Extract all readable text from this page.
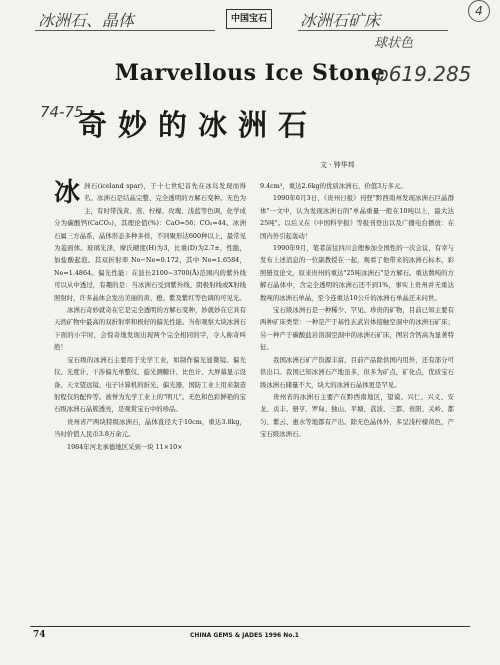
中国宝石
冰洲石、晶体	冰洲石矿床
球状色
4
Marvellous Ice Stone
p619.285
74-75
奇妙的冰洲石
文 · 钟华邦
冰 洲石(iceland spar)，于十七世纪首先在冰岛发现而得名。冰洲石是结晶完整、完全透明的方解石变种。无色为主，有时带浅黄、蒸、柠檬、玫瑰、浅蓝等色调，化学成分为碳酸钙(CaCO₃)，其理论值(%)：CaO=56；CO₂=44。冰洲石属三方晶系，晶体形态多种多样，不同聚形达600种以上，最常见为菱面体。玻璃光泽，摩氏硬度(H)为3，比重(D)为2.7±，性脆，加盐酸起泡。其双折射率 No−Ne=0.172，其中 No=1.6584，Ne=1.4864。偏光性能：在波长2100~3700(Å)范围内的紫外线可以从中透过，有趣的是：当冰洲石受到紫外线、阴极射线或X射线照射时，许多晶体会发出美丽的黄、橙、紫及紫红等色调的可见光。

冰洲石奇妙就奇在它是完全透明的方解石变种，妙就妙在它具有天然矿物中最高的双折射率和极好的偏光性能。当你观察大块冰洲石下面的小字时，会惊奇地发现出现两个完全相同的字，令人称奇叫绝！

宝石级的冰洲石主要用于光学工业，如制作偏光显微镜、偏光仪、光度计、干涉偏光单整仪、旋光测糖计、比色计、大屏幕显示设备、天文望远镜、电子计算机的折光、偏光器，国防工业上用来制造射程仪的配件等。被誉为光学工业上的"明儿"。无色和色彩鲜艳的宝石级冰洲石晶簇透亮，是观赏宝石中的珍品。

贵州省产两块特级冰洲石，晶体直径大于10cm，重达3.8kg，当时价值人民币3.8万余元。

1984年河北承德地区采到一块 11×10×

9.4cm³，重达2.6kg的优质冰洲石，价值3万多元。

1990年6月3日，《贵州日报》刊登"黔西南州发现冰洲石巨晶群体"一文中，认为发现冰洲石的"单晶重量一般在10吨以上，最大达25吨"。以后又在《中国科学报》等报刊登出以及广播电台播放：在国内外引起轰动！

1990年9月，笔者前往四川会理参加全国性的一次会议，有幸与发布上述消息的一位副教授在一起，观看了他带来的冰洲石标本，彩照册及论文，原来贵州的重达"25吨冰洲石"是方解石。重达数吨的方解石晶体中，含完全透明的冰洲石还不到1%，事实上贵州并无重达数吨的冰洲石单晶，至今连重达10公斤的冰洲石单晶还未问世。

宝石级冰洲石是一种稀少、罕见、珍贵的矿物，目前已知主要有两种矿床类型：一种是产于基性玄武岩体接触空洞中的冰洲石矿床；另一种产于碳酸盐岩溶洞空洞中的冰洲石矿床，图岩含钙高为显著特征。

我国冰洲石矿产资源丰富，目前产品除供国内用外，还有部分可供出口。我国已知冰洲石产地虽多，但多为矿点，矿化点，优质宝石级冰洲石储量不大，块大的冰洲石晶体更是罕见。

贵州省的冰洲石主要产在黔西南地区，望谟、兴仁、兴义、安龙、贞丰、册亨、罗甸、独山、平塘、荔波、三都、贵阳、关岭、都匀、紫云、惠水等地都有产出。除无色晶体外，多呈浅柠檬黄色，产宝石级冰洲石。

74	CHINA GEMS & JADES 1996 No.1
